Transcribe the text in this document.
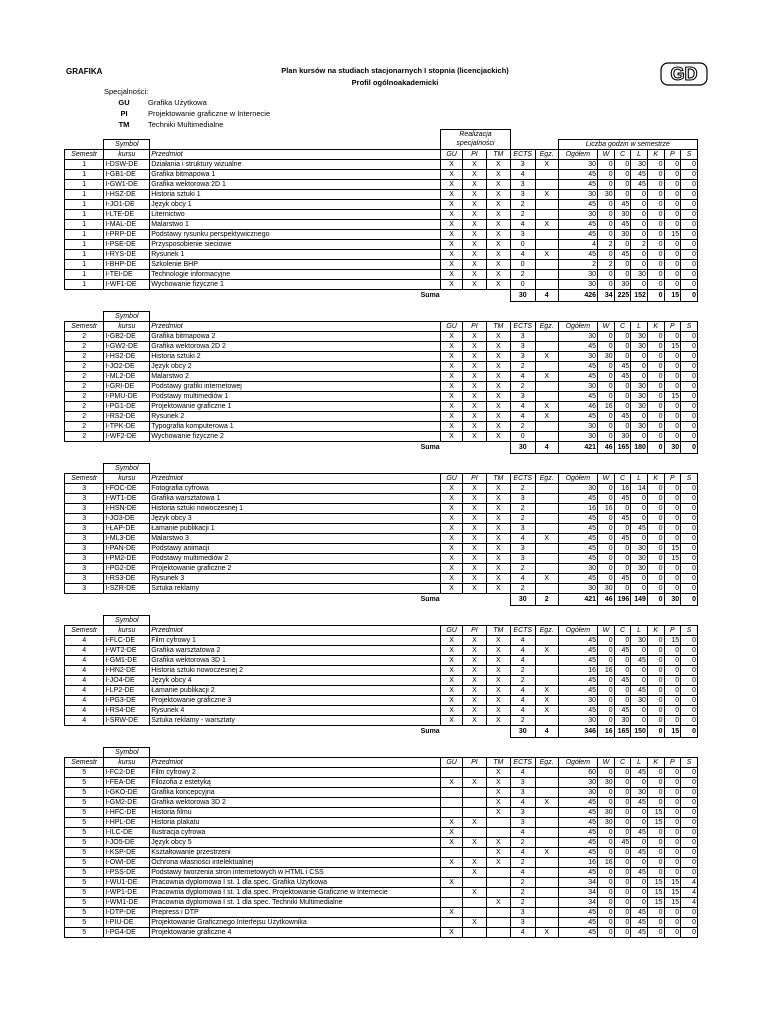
GRAFIKA	Plan kursów na studiach stacjonarnych I stopnia (licencjackich)
Profil ogólnoakademicki	GD
Specjalności:
GU	Grafika Użytkowa
PI	Projektowanie graficzne w Internecie
TM	Techniki Multimedialne
			Realizacja specjalności											
	Symbol							Liczba godzin w semestrze						
Semestr	kursu	Przedmiot	GU	PI	TM	ECTS	Egz.	Ogółem	W	C	L	K	P	S
1	I-DSW-DE	Działania i struktury wizualne	X	X	X	3	X	30	0	0	30	0	0	0
1	I-GB1-DE	Grafika bitmapowa 1	X	X	X	4		45	0	0	45	0	0	0
1	I-GW1-DE	Grafika wektorowa 2D 1	X	X	X	3		45	0	0	45	0	0	0
1	I-HSZ-DE	Historia sztuki 1	X	X	X	3	X	30	30	0	0	0	0	0
1	I-JO1-DE	Język obcy 1	X	X	X	2		45	0	45	0	0	0	0
1	I-LTE-DE	Liternictwo	X	X	X	2		30	0	30	0	0	0	0
1	I-MAL-DE	Malarstwo 1	X	X	X	4	X	45	0	45	0	0	0	0
1	I-PRP-DE	Podstawy rysunku perspektywicznego	X	X	X	3		45	0	30	0	0	15	0
1	I-PSE-DE	Przysposobienie sieciowe	X	X	X	0		4	2	0	2	0	0	0
1	I-RYS-DE	Rysunek 1	X	X	X	4	X	45	0	45	0	0	0	0
1	I-BHP-DE	Szkolenie BHP	X	X	X	0		2	2	0	0	0	0	0
1	I-TEI-DE	Technologie informacyjne	X	X	X	2		30	0	0	30	0	0	0
1	I-WF1-DE	Wychowanie fizyczne 1	X	X	X	0		30	0	30	0	0	0	0
		Suma				30	4	426	34	225	152	0	15	0

	Symbol													
Semestr	kursu	Przedmiot	GU	PI	TM	ECTS	Egz.	Ogółem	W	C	L	K	P	S
2	I-GB2-DE	Grafika bitmapowa 2	X	X	X	3		30	0	0	30	0	0	0
2	I-GW2-DE	Grafika wektorowa 2D 2	X	X	X	3		45	0	0	30	0	15	0
2	I-HS2-DE	Historia sztuki 2	X	X	X	3	X	30	30	0	0	0	0	0
2	I-JO2-DE	Język obcy 2	X	X	X	2		45	0	45	0	0	0	0
2	I-ML2-DE	Malarstwo 2	X	X	X	4	X	45	0	45	0	0	0	0
2	I-GRI-DE	Podstawy grafiki internetowej	X	X	X	2		30	0	0	30	0	0	0
2	I-PMU-DE	Podstawy multimediów 1	X	X	X	3		45	0	0	30	0	15	0
2	I-PG1-DE	Projektowanie graficzne 1	X	X	X	4	X	46	16	0	30	0	0	0
2	I-RS2-DE	Rysunek 2	X	X	X	4	X	45	0	45	0	0	0	0
2	I-TPK-DE	Typografia komputerowa 1	X	X	X	2		30	0	0	30	0	0	0
2	I-WF2-DE	Wychowanie fizyczne 2	X	X	X	0		30	0	30	0	0	0	0
		Suma				30	4	421	46	165	180	0	30	0

	Symbol													
Semestr	kursu	Przedmiot	GU	PI	TM	ECTS	Egz.	Ogółem	W	C	L	K	P	S
3	I-FOC-DE	Fotografia cyfrowa	X	X	X	2		30	0	16	14	0	0	0
3	I-WT1-DE	Grafika warsztatowa 1	X	X	X	3		45	0	45	0	0	0	0
3	I-HSN-DE	Historia sztuki nowoczesnej 1	X	X	X	2		16	16	0	0	0	0	0
3	I-JO3-DE	Język obcy 3	X	X	X	2		45	0	45	0	0	0	0
3	I-ŁAP-DE	Łamanie publikacji 1	X	X	X	3		45	0	0	45	0	0	0
3	I-ML3-DE	Malarstwo 3	X	X	X	4	X	45	0	45	0	0	0	0
3	I-PAN-DE	Podstawy animacji	X	X	X	3		45	0	0	30	0	15	0
3	I-PM2-DE	Podstawy multimediów 2	X	X	X	3		45	0	0	30	0	15	0
3	I-PG2-DE	Projektowanie graficzne 2	X	X	X	2		30	0	0	30	0	0	0
3	I-RS3-DE	Rysunek 3	X	X	X	4	X	45	0	45	0	0	0	0
3	I-SZR-DE	Sztuka reklamy	X	X	X	2		30	30	0	0	0	0	0
		Suma				30	2	421	46	196	149	0	30	0

	Symbol													
Semestr	kursu	Przedmiot	GU	PI	TM	ECTS	Egz.	Ogółem	W	C	L	K	P	S
4	I-FLC-DE	Film cyfrowy 1	X	X	X	4		45	0	0	30	0	15	0
4	I-WT2-DE	Grafika warsztatowa 2	X	X	X	4	X	45	0	45	0	0	0	0
4	I-GM1-DE	Grafika wektorowa 3D 1	X	X	X	4		45	0	0	45	0	0	0
4	I-HN2-DE	Historia sztuki nowoczesnej 2	X	X	X	2		16	16	0	0	0	0	0
4	I-JO4-DE	Język obcy 4	X	X	X	2		45	0	45	0	0	0	0
4	I-LP2-DE	Łamanie publikacji 2	X	X	X	4	X	45	0	0	45	0	0	0
4	I-PG3-DE	Projektowanie graficzne 3	X	X	X	4	X	30	0	0	30	0	0	0
4	I-RS4-DE	Rysunek 4	X	X	X	4	X	45	0	45	0	0	0	0
4	I-SRW-DE	Sztuka reklamy - warsztaty	X	X	X	2		30	0	30	0	0	0	0
		Suma				30	4	346	16	165	150	0	15	0

	Symbol													
Semestr	kursu	Przedmiot	GU	PI	TM	ECTS	Egz.	Ogółem	W	C	L	K	P	S
5	I-FC2-DE	Film cyfrowy 2			X	4		60	0	0	45	0	0	0
5	I-FEA-DE	Filozofia z estetyką	X	X	X	3		30	30	0	0	0	0	0
5	I-GKO-DE	Grafika koncepcyjna			X	3		30	0	0	30	0	0	0
5	I-GM2-DE	Grafika wektorowa 3D 2			X	4	X	45	0	0	45	0	0	0
5	I-HFC-DE	Historia filmu			X	3		45	30	0	0	15	0	0
5	I-HPL-DE	Historia plakatu	X	X		3		45	30	0	0	15	0	0
5	I-ILC-DE	Ilustracja cyfrowa	X			4		45	0	0	45	0	0	0
5	I-JO5-DE	Język obcy 5	X	X	X	2		45	0	45	0	0	0	0
5	I-KSP-DE	Kształtowanie przestrzeni			X	4	X	45	0	0	45	0	0	0
5	I-OWI-DE	Ochrona własności intelektualnej	X	X	X	2		16	16	0	0	0	0	0
5	I-PSS-DE	Podstawy tworzenia stron internetowych w HTML i CSS		X		4		45	0	0	45	0	0	0
5	I-WU1-DE	Pracownia dyplomowa I st. 1 dla spec. Grafika Użytkowa	X			2		34	0	0	0	15	15	4
5	I-WP1-DE	Pracownia dyplomowa I st. 1 dla spec. Projektowanie Graficzne w Internecie		X		2		34	0	0	0	15	15	4
5	I-WM1-DE	Pracownia dyplomowa I st. 1 dla spec. Techniki Multimedialne			X	2		34	0	0	0	15	15	4
5	I-DTP-DE	Prepress i DTP	X			3		45	0	0	45	0	0	0
5	I-PIU-DE	Projektowanie Graficznego Interfejsu Użytkownika		X		3		45	0	0	45	0	0	0
5	I-PG4-DE	Projektowanie graficzne 4	X			4	X	45	0	0	45	0	0	0
